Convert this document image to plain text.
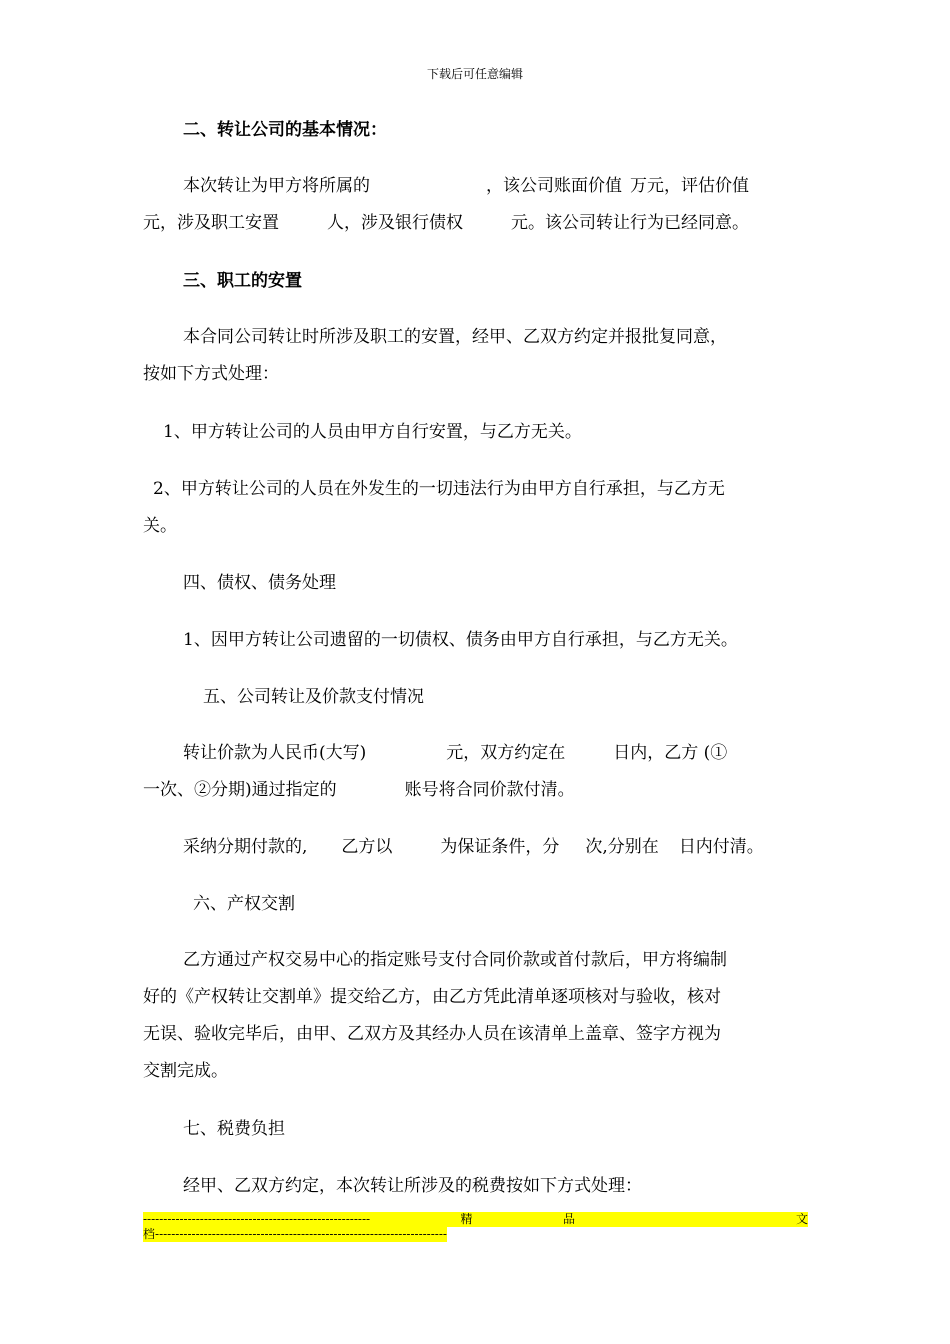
下载后可任意编辑
二、转让公司的基本情况：
本次转让为甲方将所属的	，该公司账面价值 万元，评估价值
元，涉及职工安置	人，涉及银行债权	元。该公司转让行为已经同意。
三、职工的安置
本合同公司转让时所涉及职工的安置，经甲、乙双方约定并报批复同意，
按如下方式处理：
1、甲方转让公司的人员由甲方自行安置，与乙方无关。
2、甲方转让公司的人员在外发生的一切违法行为由甲方自行承担，与乙方无
关。
四、债权、债务处理
1、因甲方转让公司遗留的一切债权、债务由甲方自行承担，与乙方无关。
五、公司转让及价款支付情况
转让价款为人民币(大写)	元，双方约定在	日内，乙方 (①
一次、②分期)通过指定的	账号将合同价款付清。
采纳分期付款的, 乙方以	为保证条件，分 次,分别在 日内付清。
六、产权交割
乙方通过产权交易中心的指定账号支付合同价款或首付款后，甲方将编制
好的《产权转让交割单》提交给乙方，由乙方凭此清单逐项核对与验收，核对
无误、验收完毕后，由甲、乙双方及其经办人员在该清单上盖章、签字方视为
交割完成。
七、税费负担
经甲、乙双方约定，本次转让所涉及的税费按如下方式处理：
--------------------------------------------------------	精	品	文
档------------------------------------------------------------------------
